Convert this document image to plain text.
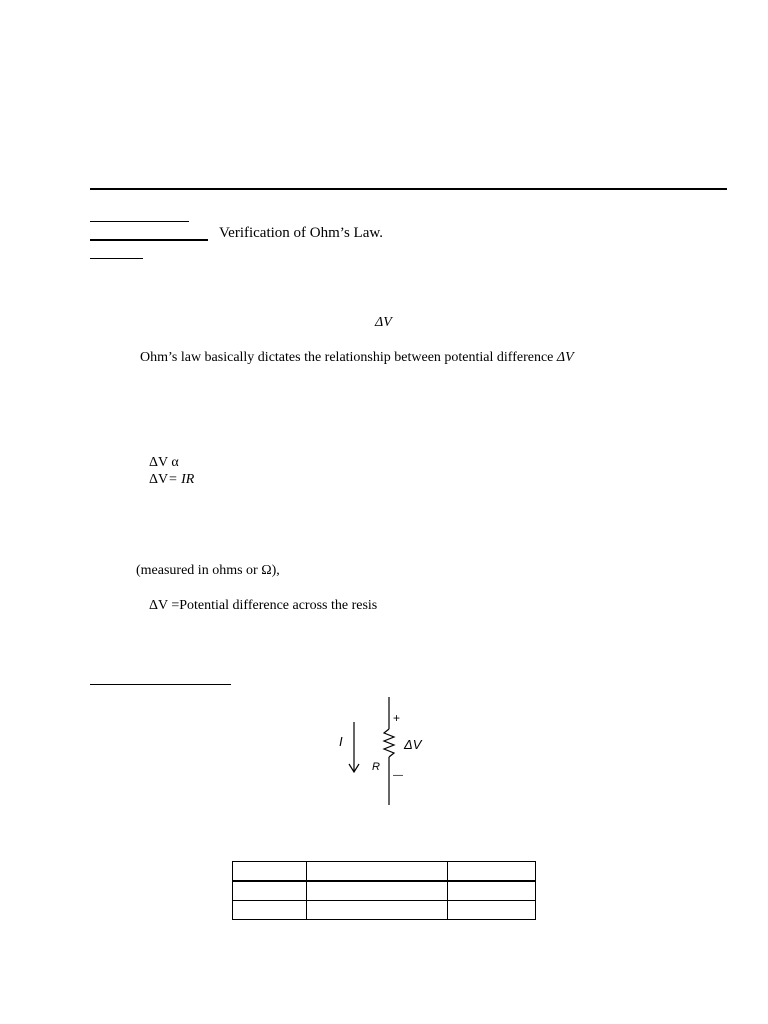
Verification of Ohm’s Law.
ΔV
Ohm’s law basically dictates the relationship between potential difference ΔV
ΔV α
ΔV= IR
(measured in ohms or Ω),
ΔV =Potential difference across the resis
I
+
ΔV
R
—
